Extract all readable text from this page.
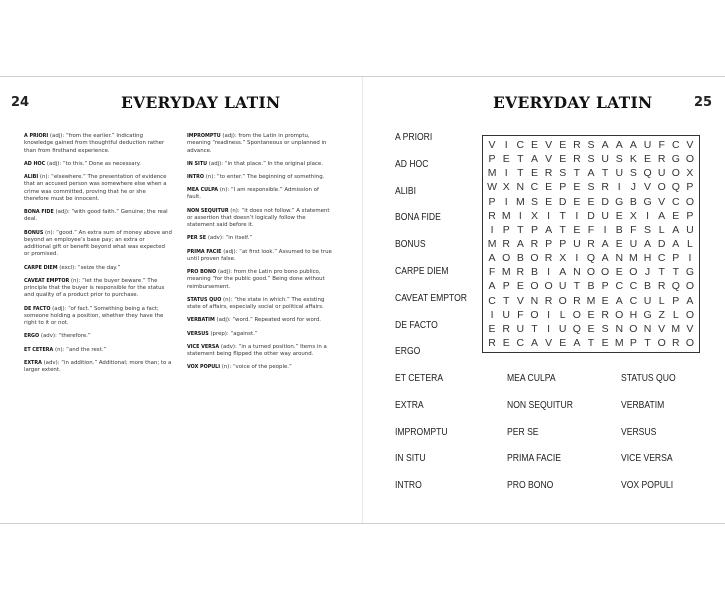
24	EVERYDAY LATIN

A PRIORI (adj): “from the earlier.” Indicating knowledge gained from thoughtful deduction rather than from firsthand experience.

AD HOC (adj): “to this.” Done as necessary.

ALIBI (n): “elsewhere.” The presentation of evidence that an accused person was somewhere else when a crime was committed, proving that he or she therefore must be innocent.

BONA FIDE (adj): “with good faith.” Genuine; the real deal.

BONUS (n): “good.” An extra sum of money above and beyond an employee’s base pay; an extra or additional gift or benefit beyond what was expected or promised.

CARPE DIEM (excl): “seize the day.”

CAVEAT EMPTOR (n): “let the buyer beware.” The principle that the buyer is responsible for the status and quality of a product prior to purchase.

DE FACTO (adj): “of fact.” Something being a fact; someone holding a position, whether they have the right to it or not.

ERGO (adv): “therefore.”

ET CETERA (n): “and the rest.”

EXTRA (adv): “in addition.” Additional; more than; to a larger extent.

IMPROMPTU (adj): from the Latin in promptu, meaning “readiness.” Spontaneous or unplanned in advance.

IN SITU (adj): “in that place.” In the original place.

INTRO (n): “to enter.” The beginning of something.

MEA CULPA (n): “I am responsible.” Admission of fault.

NON SEQUITUR (n): “it does not follow.” A statement or assertion that doesn’t logically follow the statement said before it.

PER SE (adv): “in itself.”

PRIMA FACIE (adj): “at first look.” Assumed to be true until proven false.

PRO BONO (adj): from the Latin pro bono publico, meaning “for the public good.” Being done without reimbursement.

STATUS QUO (n): “the state in which.” The existing state of affairs, especially social or political affairs.

VERBATIM (adj): “word.” Repeated word for word.

VERSUS (prep): “against.”

VICE VERSA (adv): “in a turned position.” Items in a statement being flipped the other way around.

VOX POPULI (n): “voice of the people.”

EVERYDAY LATIN	25
A PRIORI
AD HOC
ALIBI
BONA FIDE
BONUS
CARPE DIEM
CAVEAT EMPTOR
DE FACTO
ERGO
V I C E V E R S A A A U F C V
P E T A V E R S U S K E R G O
M I T E R S T A T U S Q U O X
W X N C E P E S R I J V O Q P
P I M S E D E E D G B G V C O
R M I X I T I D U E X I A E P
I P T P A T E F I B F S L A U
M R A R P P U R A E U A D A L
A O B O R X I Q A N M H C P I
F M R B I A N O O E O J T T G
A P E O O U T B P C C B R Q O
C T V N R O R M E A C U L P A
I U F O I L O E R O H G Z L O
E R U T I U Q E S N O N V M V
R E C A V E A T E M P T O R O
ET CETERA
EXTRA
IMPROMPTU
IN SITU
INTRO
MEA CULPA
NON SEQUITUR
PER SE
PRIMA FACIE
PRO BONO
STATUS QUO
VERBATIM
VERSUS
VICE VERSA
VOX POPULI
